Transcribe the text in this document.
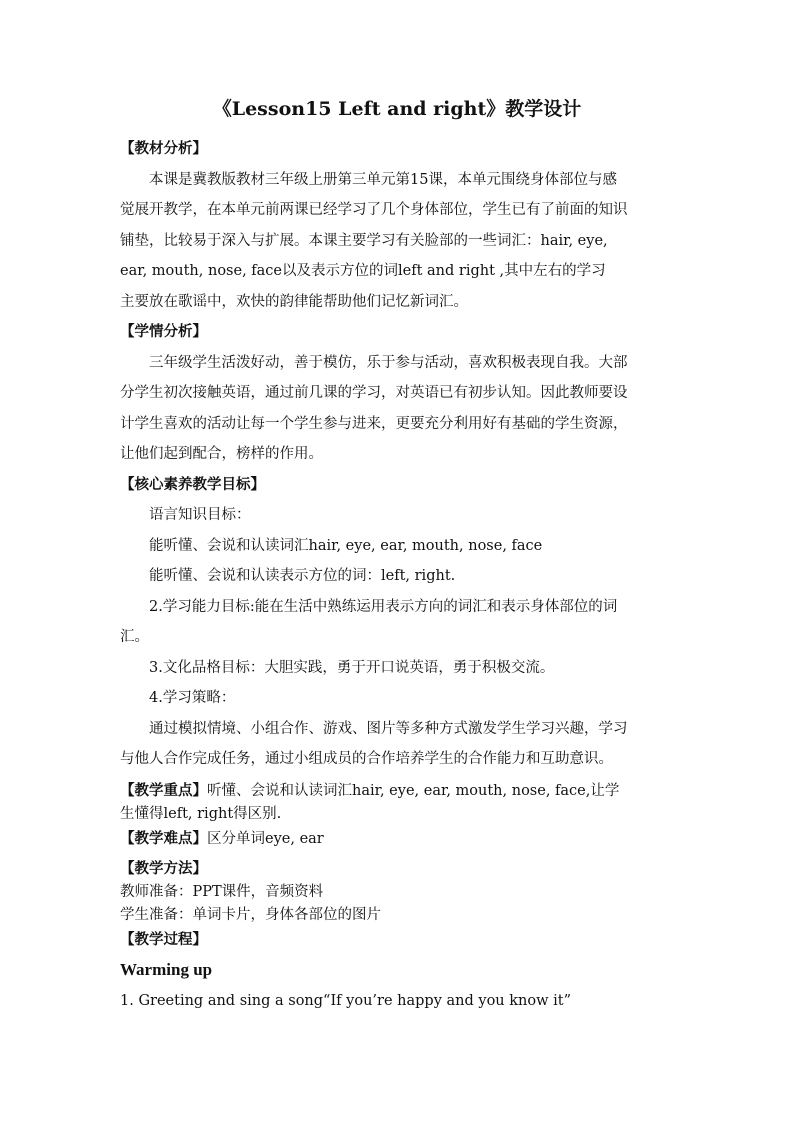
《Lesson15 Left and right》教学设计
【教材分析】
本课是冀教版教材三年级上册第三单元第15课，本单元围绕身体部位与感
觉展开教学，在本单元前两课已经学习了几个身体部位，学生已有了前面的知识
铺垫，比较易于深入与扩展。本课主要学习有关脸部的一些词汇：hair, eye,
ear, mouth, nose, face以及表示方位的词left and right ,其中左右的学习
主要放在歌谣中，欢快的韵律能帮助他们记忆新词汇。
【学情分析】
三年级学生活泼好动，善于模仿，乐于参与活动，喜欢积极表现自我。大部
分学生初次接触英语，通过前几课的学习，对英语已有初步认知。因此教师要设
计学生喜欢的活动让每一个学生参与进来，更要充分利用好有基础的学生资源，
让他们起到配合，榜样的作用。
【核心素养教学目标】
语言知识目标：
能听懂、会说和认读词汇hair, eye, ear, mouth, nose, face
能听懂、会说和认读表示方位的词：left, right.
2.学习能力目标:能在生活中熟练运用表示方向的词汇和表示身体部位的词
汇。
3.文化品格目标：大胆实践，勇于开口说英语，勇于积极交流。
4.学习策略：
通过模拟情境、小组合作、游戏、图片等多种方式激发学生学习兴趣，学习
与他人合作完成任务，通过小组成员的合作培养学生的合作能力和互助意识。
【教学重点】听懂、会说和认读词汇hair, eye, ear, mouth, nose, face,让学
生懂得left, right得区别.
【教学难点】区分单词eye, ear
【教学方法】
教师准备：PPT课件，音频资料
学生准备：单词卡片，身体各部位的图片
【教学过程】
Warming up
1. Greeting and sing a song“If you’re happy and you know it”
